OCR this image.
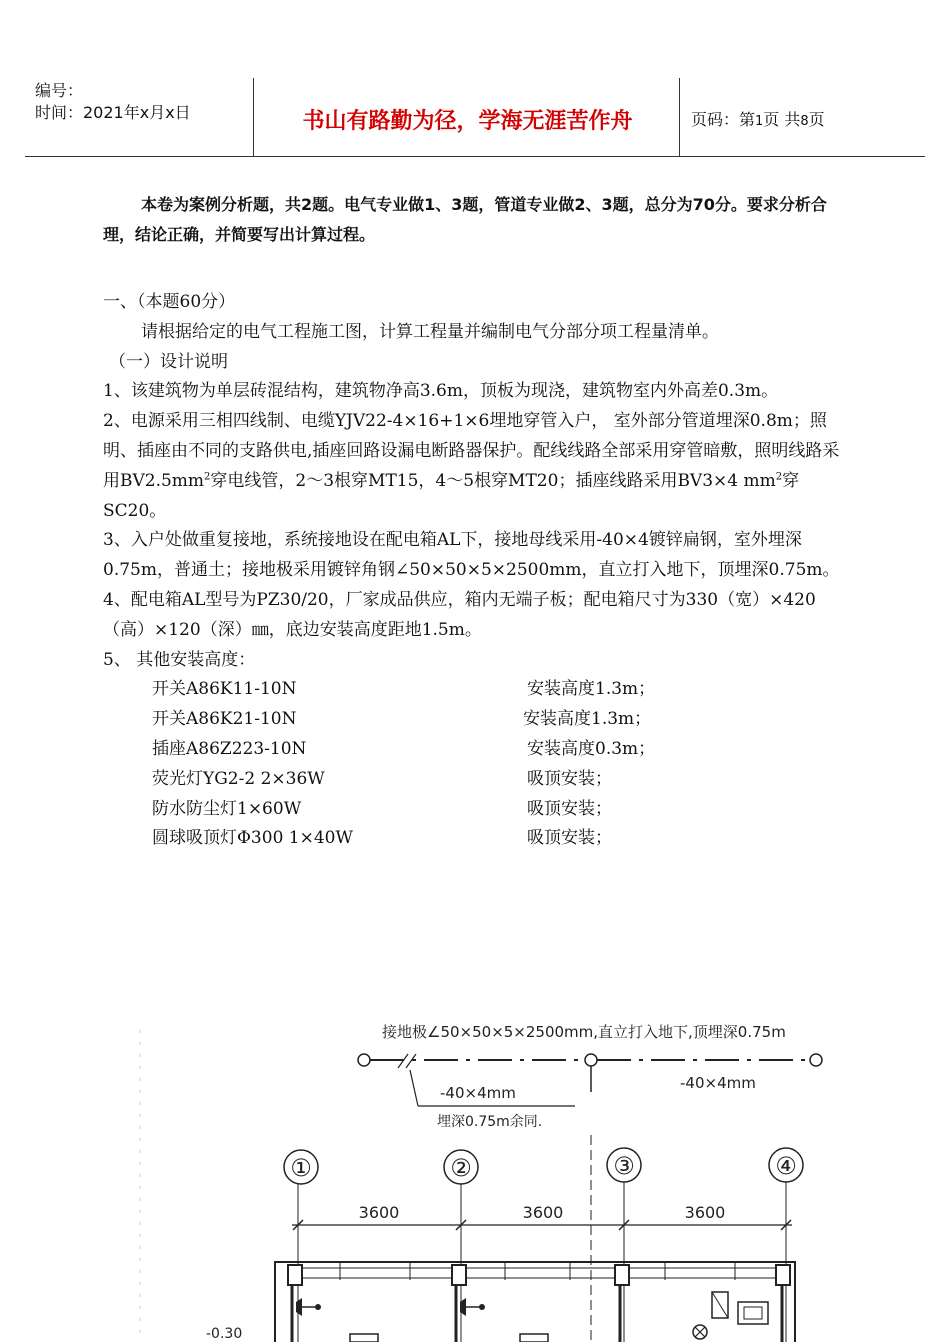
编号：
时间：2021年x月x日	书山有路勤为径，学海无涯苦作舟	页码：第1页 共8页

本卷为案例分析题，共2题。电气专业做1、3题，管道专业做2、3题，总分为70分。要求分析合理，结论正确，并简要写出计算过程。

一、（本题60分）

请根据给定的电气工程施工图，计算工程量并编制电气分部分项工程量清单。

（一）设计说明

1、该建筑物为单层砖混结构，建筑物净高3.6m，顶板为现浇，建筑物室内外高差0.3m。

2、电源采用三相四线制、电缆YJV22-4×16+1×6埋地穿管入户， 室外部分管道埋深0.8m；照明、插座由不同的支路供电,插座回路设漏电断路器保护。配线线路全部采用穿管暗敷，照明线路采用$BV2.5mm^2$穿电线管，2～3根穿MT15，4～5根穿MT20；插座线路采用BV3×4 $mm^2$穿SC20。

3、入户处做重复接地，系统接地设在配电箱AL下，接地母线采用-40×4镀锌扁钢，室外埋深0.75m，普通土；接地极采用镀锌角钢∠50×50×5×2500mm，直立打入地下，顶埋深0.75m。

4、配电箱AL型号为PZ30/20，厂家成品供应，箱内无端子板；配电箱尺寸为330（宽）×420（高）×120（深）㎜，底边安装高度距地1.5m。

5、 其他安装高度：

开关A86K11-10N	安装高度1.3m；
开关A86K21-10N	安装高度1.3m；
插座A86Z223-10N	安装高度0.3m；
荧光灯YG2-2 2×36W	吸顶安装；
防水防尘灯1×60W	吸顶安装；
圆球吸顶灯Φ300 1×40W	吸顶安装；
接地极∠50×50×5×2500mm,直立打入地下,顶埋深0.75m
-40×4mm
-40×4mm
埋深0.75m余同.
①	②	③	④
3600	3600	3600
-0.30
